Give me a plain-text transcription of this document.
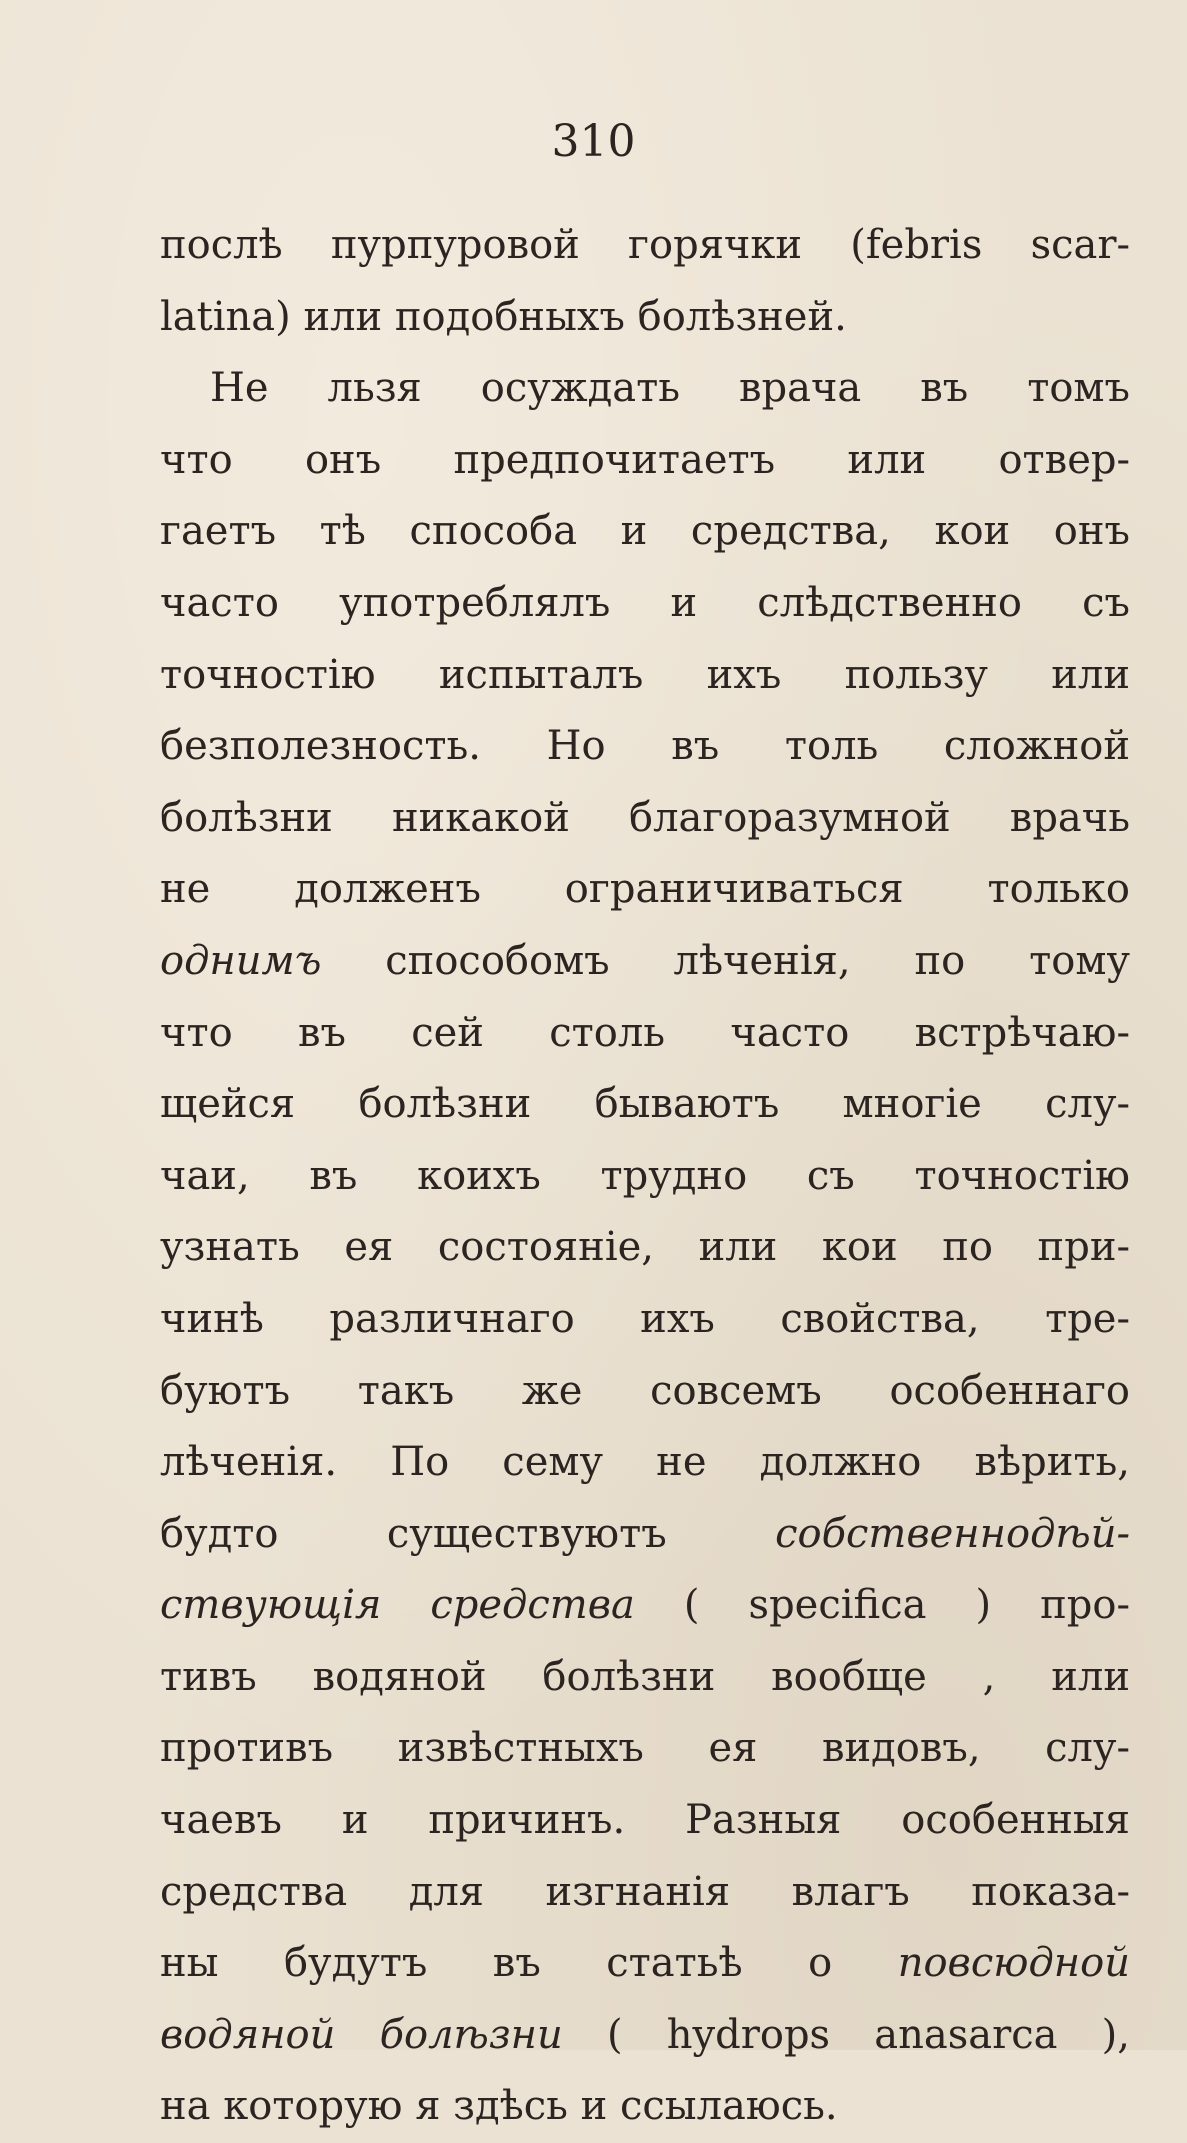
310
послѣ пурпуровой горячки (febris scar-
latina) или подобныхъ болѣзней.
Не льзя осуждать врача въ томъ
что онъ предпочитаетъ или отвер-
гаетъ тѣ способа и средства, кои онъ
часто употреблялъ и слѣдственно съ
точностію испыталъ ихъ пользу или
безполезность. Но въ толь сложной
болѣзни никакой благоразумной врачь
не долженъ ограничиваться только
однимъ способомъ лѣченія, по тому
что въ сей столь часто встрѣчаю-
щейся болѣзни бываютъ многіе слу-
чаи, въ коихъ трудно съ точностію
узнать ея состояніе, или кои по при-
чинѣ различнаго ихъ свойства, тре-
буютъ такъ же совсемъ особеннаго
лѣченія. По сему не должно вѣрить,
будто существуютъ собственнодѣй-
ствующія средства ( specifica ) про-
тивъ водяной болѣзни вообще , или
противъ извѣстныхъ ея видовъ, слу-
чаевъ и причинъ. Разныя особенныя
средства для изгнанія влагъ показа-
ны будутъ въ статьѣ о повсюдной
водяной болѣзни ( hydrops anasarca ),
на которую я здѣсь и ссылаюсь.
